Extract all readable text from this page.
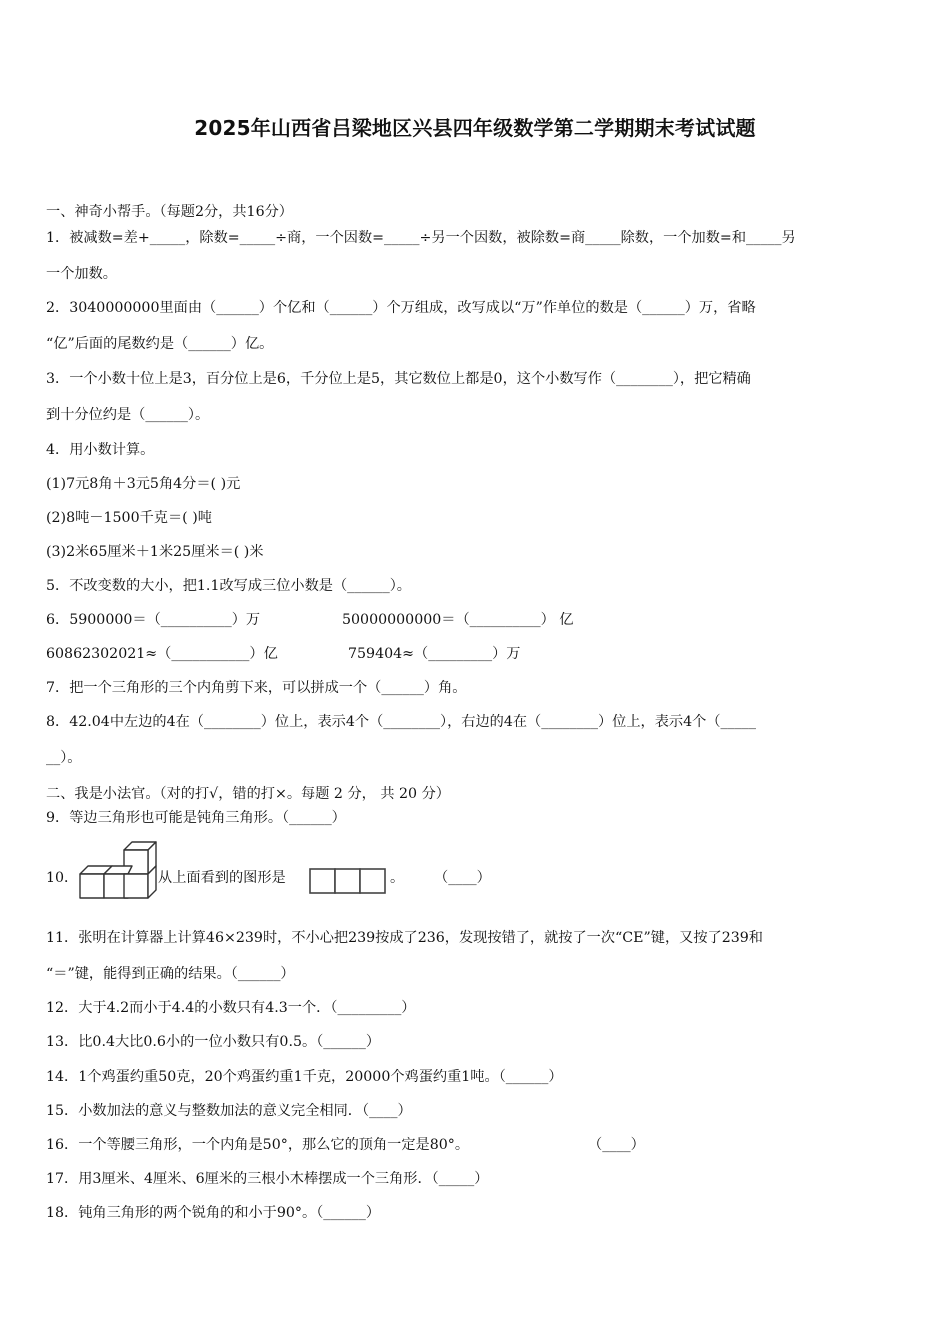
2025年山西省吕梁地区兴县四年级数学第二学期期末考试试题
一、神奇小帮手。（每题2分，共16分）
1．被减数=差+_____，除数=_____÷商，一个因数=_____÷另一个因数，被除数=商_____除数，一个加数=和_____另
一个加数。
2．3040000000里面由（______）个亿和（______）个万组成，改写成以“万”作单位的数是（______）万，省略
“亿”后面的尾数约是（______）亿。
3．一个小数十位上是3，百分位上是6，千分位上是5，其它数位上都是0，这个小数写作（________），把它精确
到十分位约是（______）。
4．用小数计算。
(1)7元8角＋3元5角4分＝( )元
(2)8吨－1500千克＝( )吨
(3)2米65厘米＋1米25厘米＝( )米
5．不改变数的大小，把1.1改写成三位小数是（______）。
6．5900000＝（__________）万	50000000000＝（__________） 亿
60862302021≈（___________）亿	759404≈（_________）万
7．把一个三角形的三个内角剪下来，可以拼成一个（______）角。
8．42.04中左边的4在（________）位上，表示4个（________），右边的4在（________）位上，表示4个（_____
__）。
二、我是小法官。（对的打√，错的打×。每题 2 分， 共 20 分）
9．等边三角形也可能是钝角三角形。（______）
10．	从上面看到的图形是	。 （____）
11．张明在计算器上计算46×239时，不小心把239按成了236，发现按错了，就按了一次“CE”键，又按了239和
“＝”键，能得到正确的结果。（______）
12．大于4.2而小于4.4的小数只有4.3一个．（_________）
13．比0.4大比0.6小的一位小数只有0.5。（______）
14．1个鸡蛋约重50克，20个鸡蛋约重1千克，20000个鸡蛋约重1吨。（______）
15．小数加法的意义与整数加法的意义完全相同．（____）
16．一个等腰三角形，一个内角是50°，那么它的顶角一定是80°。	（____）
17．用3厘米、4厘米、6厘米的三根小木棒摆成一个三角形．（_____）
18．钝角三角形的两个锐角的和小于90°。（______）
